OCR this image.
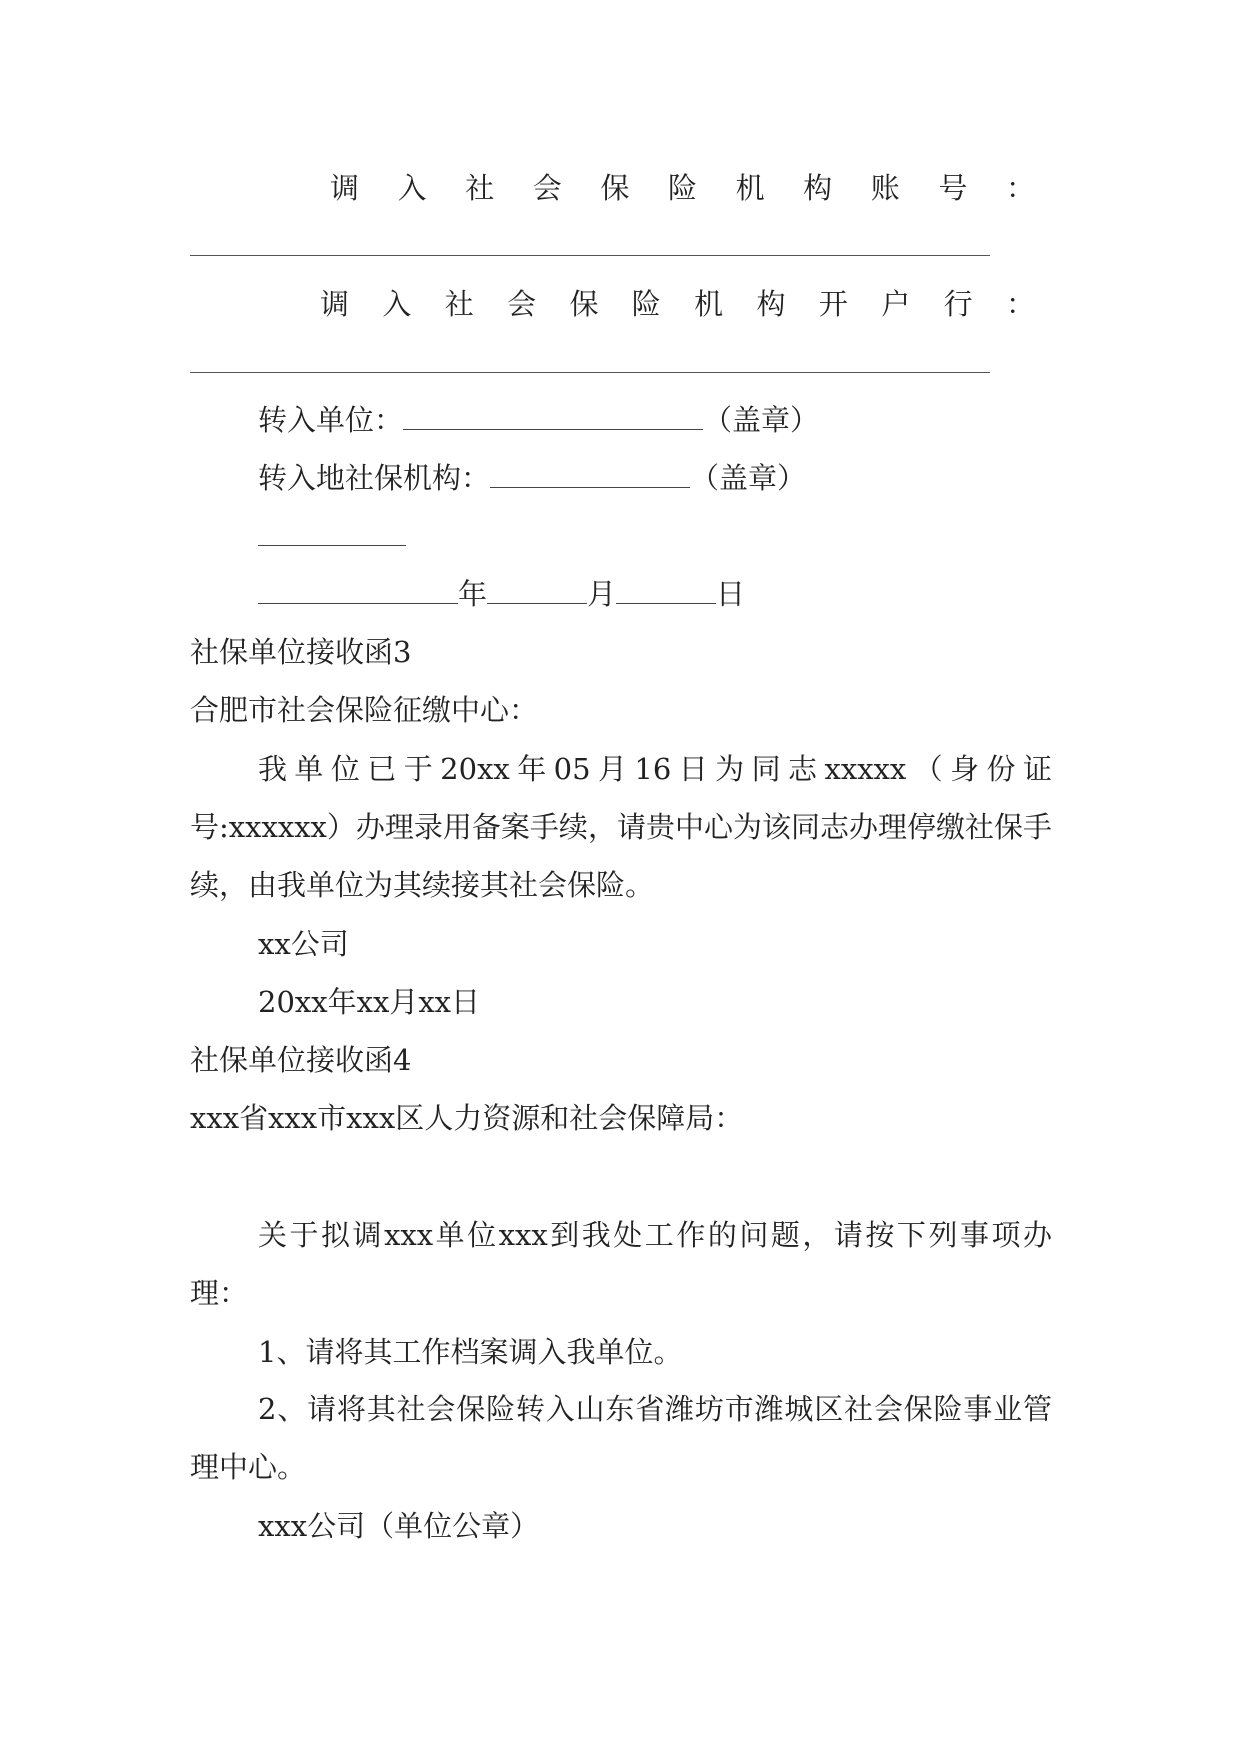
调 入 社 会 保 险 机 构 账 号 ：
调 入 社 会 保 险 机 构 开 户 行 ：
转入单位：	（盖章）
转入地社保机构：	（盖章）
年	月	日
社保单位接收函3
合肥市社会保险征缴中心：
我单位已于20xx年05月16日为同志xxxxx（身份证号:xxxxxx）办理录用备案手续，请贵中心为该同志办理停缴社保手续，由我单位为其续接其社会保险。
xx公司
20xx年xx月xx日
社保单位接收函4
xxx省xxx市xxx区人力资源和社会保障局：
关于拟调xxx单位xxx到我处工作的问题，请按下列事项办理：
1、请将其工作档案调入我单位。
2、请将其社会保险转入山东省潍坊市潍城区社会保险事业管理中心。
xxx公司（单位公章）
